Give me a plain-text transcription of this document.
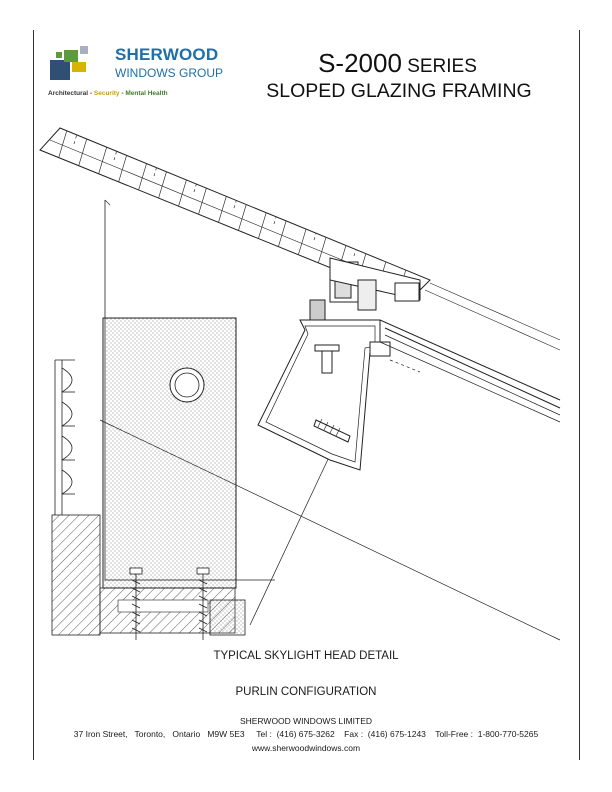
SHERWOOD
WINDOWS GROUP
Architectural - Security - Mental Health
S-2000 SERIES
SLOPED GLAZING FRAMING
TYPICAL SKYLIGHT HEAD DETAIL
PURLIN CONFIGURATION
SHERWOOD WINDOWS LIMITED
37 Iron Street,   Toronto,   Ontario   M9W 5E3     Tel :  (416) 675-3262    Fax :  (416) 675-1243    Toll-Free :  1-800-770-5265
www.sherwoodwindows.com
